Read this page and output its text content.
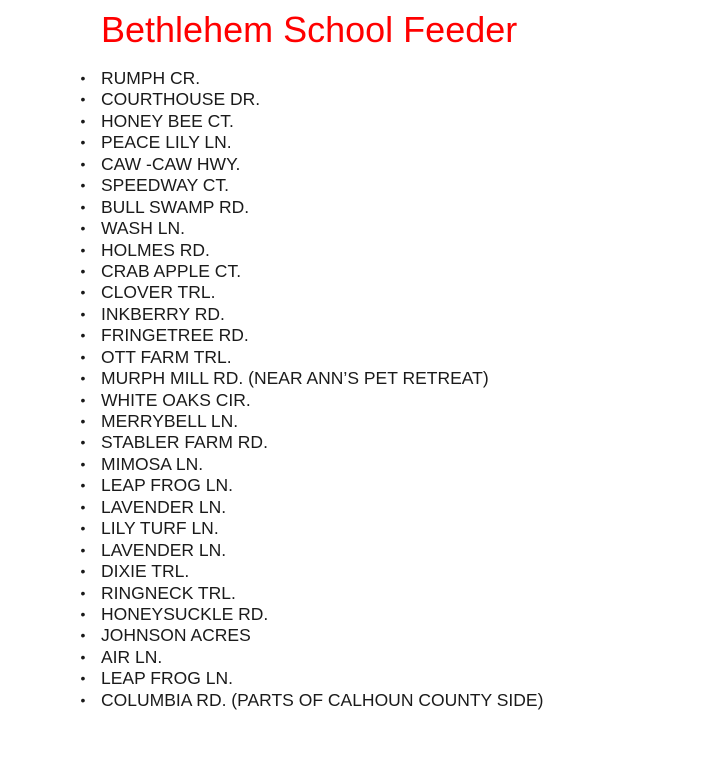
Bethlehem School Feeder
• RUMPH CR.
• COURTHOUSE DR.
• HONEY BEE CT.
• PEACE LILY LN.
• CAW -CAW HWY.
• SPEEDWAY CT.
• BULL SWAMP RD.
• WASH LN.
• HOLMES RD.
• CRAB APPLE CT.
• CLOVER TRL.
• INKBERRY RD.
• FRINGETREE RD.
• OTT FARM TRL.
• MURPH MILL RD. (NEAR ANN’S PET RETREAT)
• WHITE OAKS CIR.
• MERRYBELL LN.
• STABLER FARM RD.
• MIMOSA LN.
• LEAP FROG LN.
• LAVENDER LN.
• LILY TURF LN.
• LAVENDER LN.
• DIXIE TRL.
• RINGNECK TRL.
• HONEYSUCKLE RD.
• JOHNSON ACRES
• AIR LN.
• LEAP FROG LN.
• COLUMBIA RD. (PARTS OF CALHOUN COUNTY SIDE)
